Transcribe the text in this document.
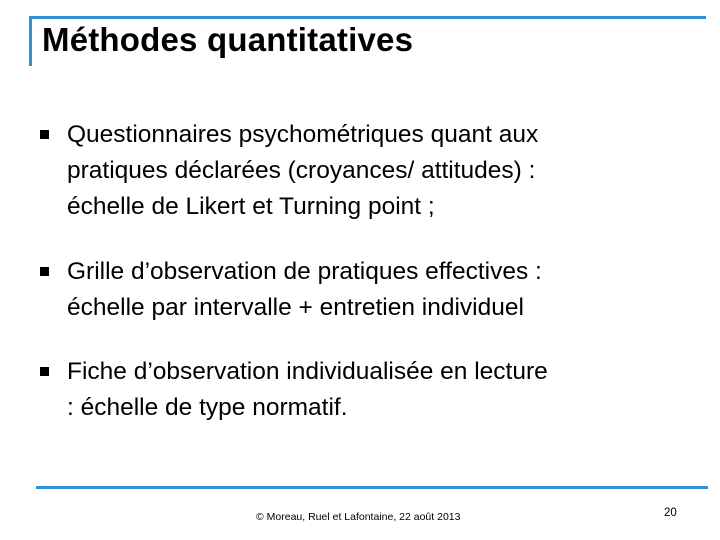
Méthodes quantitatives
Questionnaires psychométriques quant aux
pratiques déclarées (croyances/ attitudes) :
échelle de Likert et Turning point ;
Grille d’observation de pratiques effectives :
échelle par intervalle + entretien individuel
Fiche d’observation individualisée en lecture
: échelle de type normatif.
© Moreau, Ruel et Lafontaine, 22 août 2013	20
